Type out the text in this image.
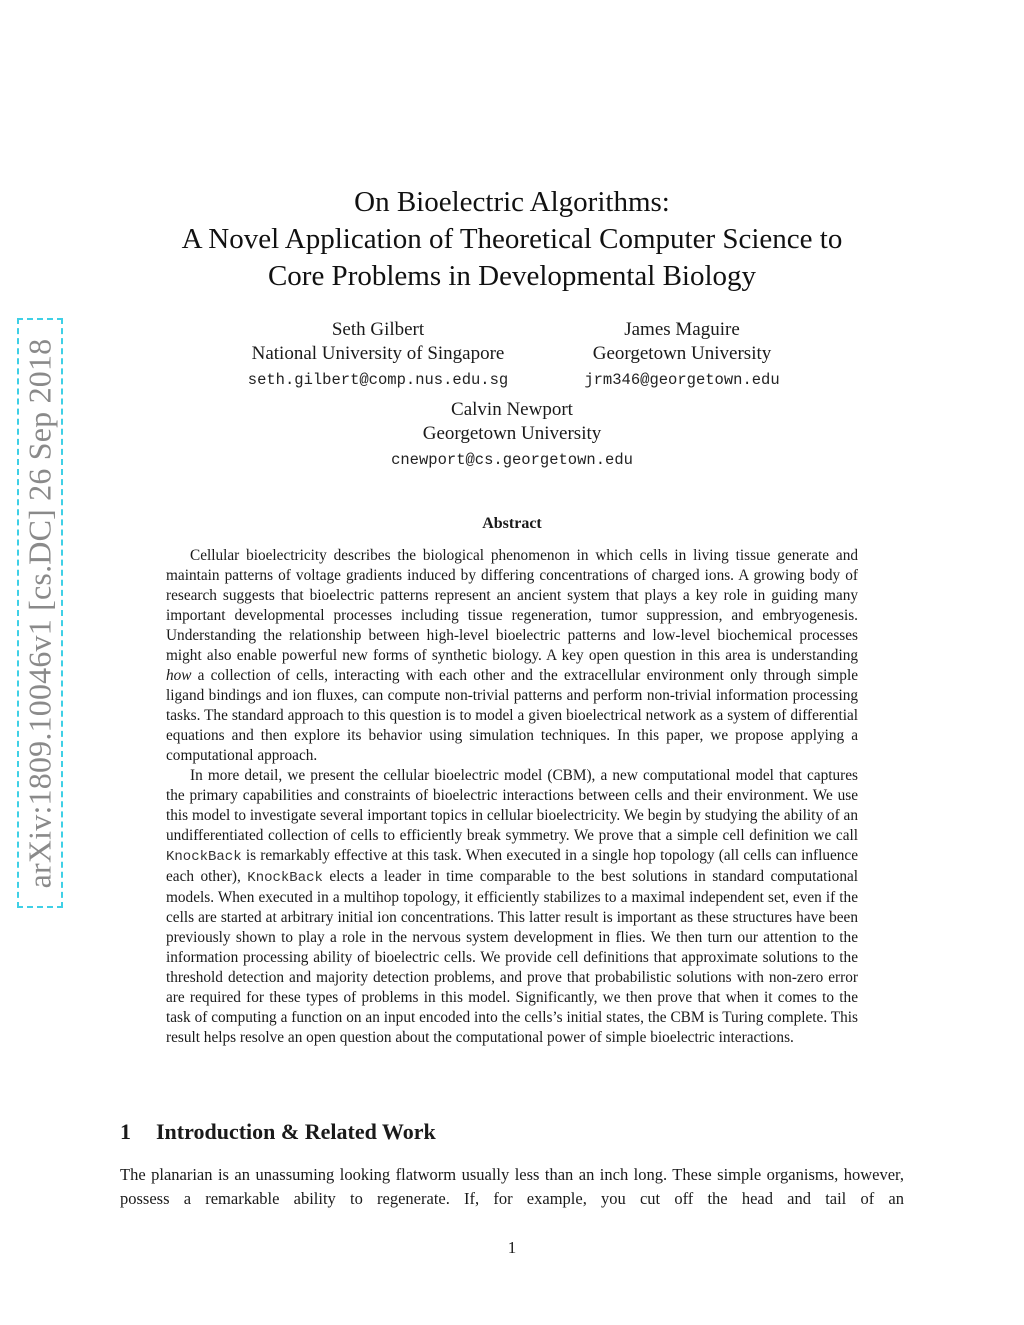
arXiv:1809.10046v1 [cs.DC] 26 Sep 2018
On Bioelectric Algorithms:
A Novel Application of Theoretical Computer Science to
Core Problems in Developmental Biology
Seth Gilbert
National University of Singapore
seth.gilbert@comp.nus.edu.sg
James Maguire
Georgetown University
jrm346@georgetown.edu
Calvin Newport
Georgetown University
cnewport@cs.georgetown.edu
Abstract

Cellular bioelectricity describes the biological phenomenon in which cells in living tissue generate and maintain patterns of voltage gradients induced by differing concentrations of charged ions. A growing body of research suggests that bioelectric patterns represent an ancient system that plays a key role in guiding many important developmental processes including tissue regeneration, tumor suppression, and embryogenesis. Understanding the relationship between high-level bioelectric patterns and low-level biochemical processes might also enable powerful new forms of synthetic biology. A key open question in this area is understanding how a collection of cells, interacting with each other and the extracellular environment only through simple ligand bindings and ion fluxes, can compute non-trivial patterns and perform non-trivial information processing tasks. The standard approach to this question is to model a given bioelectrical network as a system of differential equations and then explore its behavior using simulation techniques. In this paper, we propose applying a computational approach.

In more detail, we present the cellular bioelectric model (CBM), a new computational model that captures the primary capabilities and constraints of bioelectric interactions between cells and their environment. We use this model to investigate several important topics in cellular bioelectricity. We begin by studying the ability of an undifferentiated collection of cells to efficiently break symmetry. We prove that a simple cell definition we call KnockBack is remarkably effective at this task. When executed in a single hop topology (all cells can influence each other), KnockBack elects a leader in time comparable to the best solutions in standard computational models. When executed in a multihop topology, it efficiently stabilizes to a maximal independent set, even if the cells are started at arbitrary initial ion concentrations. This latter result is important as these structures have been previously shown to play a role in the nervous system development in flies. We then turn our attention to the information processing ability of bioelectric cells. We provide cell definitions that approximate solutions to the threshold detection and majority detection problems, and prove that probabilistic solutions with non-zero error are required for these types of problems in this model. Significantly, we then prove that when it comes to the task of computing a function on an input encoded into the cells’s initial states, the CBM is Turing complete. This result helps resolve an open question about the computational power of simple bioelectric interactions.

1 Introduction & Related Work

The planarian is an unassuming looking flatworm usually less than an inch long. These simple organisms, however, possess a remarkable ability to regenerate. If, for example, you cut off the head and tail of an

1
